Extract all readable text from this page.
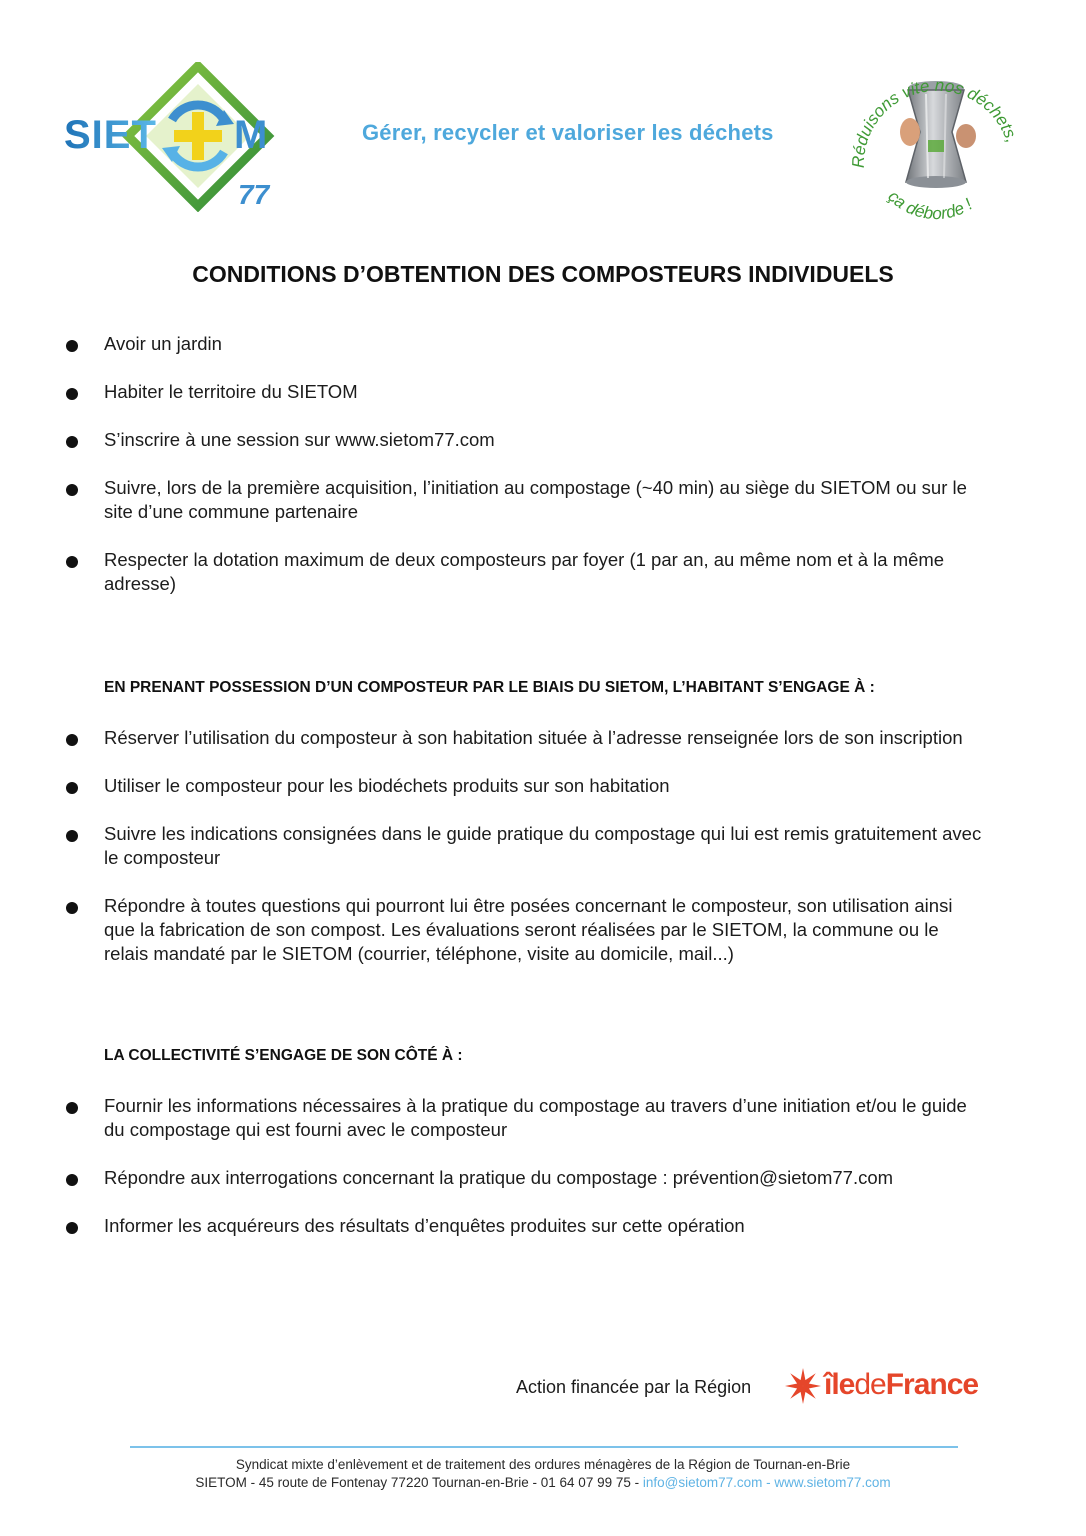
SIET M
77
Gérer, recycler et valoriser les déchets
Réduisons vite nos déchets,
ça déborde !
CONDITIONS D’OBTENTION DES COMPOSTEURS INDIVIDUELS
Avoir un jardin
Habiter le territoire du SIETOM
S’inscrire à une session sur www.sietom77.com
Suivre, lors de la première acquisition, l’initiation au compostage (~40 min) au siège du SIETOM ou sur le site d’une commune partenaire
Respecter la dotation maximum de deux composteurs par foyer (1 par an, au même nom et à la même adresse)
EN PRENANT POSSESSION D’UN COMPOSTEUR PAR LE BIAIS DU SIETOM, L’HABITANT S’ENGAGE À :
Réserver l’utilisation du composteur à son habitation située à l’adresse renseignée lors de son inscription
Utiliser le composteur pour les biodéchets produits sur son habitation
Suivre les indications consignées dans le guide pratique du compostage qui lui est remis gratuitement avec le composteur
Répondre à toutes questions qui pourront lui être posées concernant le composteur, son utilisation ainsi que la fabrication de son compost. Les évaluations seront réalisées par le SIETOM, la commune ou le relais mandaté par le SIETOM (courrier, téléphone, visite au domicile, mail...)
LA COLLECTIVITÉ S’ENGAGE DE SON CÔTÉ À :
Fournir les informations nécessaires à la pratique du compostage au travers d’une initiation et/ou le guide du compostage qui est fourni avec le composteur
Répondre aux interrogations concernant la pratique du compostage : prévention@sietom77.com
Informer les acquéreurs des résultats d’enquêtes produites sur cette opération
Action financée par la Région îledeFrance
Syndicat mixte d’enlèvement et de traitement des ordures ménagères de la Région de Tournan-en-Brie
SIETOM - 45 route de Fontenay 77220 Tournan-en-Brie - 01 64 07 99 75 - info@sietom77.com - www.sietom77.com
